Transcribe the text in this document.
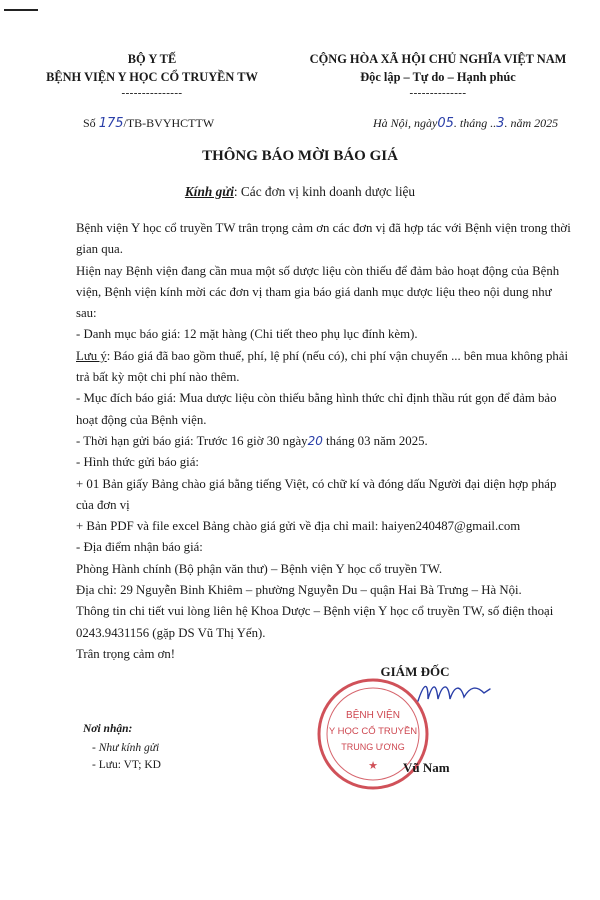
BỘ Y TẾ
BỆNH VIỆN Y HỌC CỔ TRUYỀN TW
---------------
CỘNG HÒA XÃ HỘI CHỦ NGHĨA VIỆT NAM
Độc lập – Tự do – Hạnh phúc
--------------
Số 175/TB-BVYHCTTW	Hà Nội, ngày05. tháng ..3. năm 2025
THÔNG BÁO MỜI BÁO GIÁ
Kính gửi: Các đơn vị kinh doanh dược liệu

Bệnh viện Y học cổ truyền TW trân trọng cảm ơn các đơn vị đã hợp tác với Bệnh viện trong thời gian qua.

Hiện nay Bệnh viện đang cần mua một số dược liệu còn thiếu để đảm bảo hoạt động của Bệnh viện, Bệnh viện kính mời các đơn vị tham gia báo giá danh mục dược liệu theo nội dung như sau:

- Danh mục báo giá: 12 mặt hàng (Chi tiết theo phụ lục đính kèm).

Lưu ý: Báo giá đã bao gồm thuế, phí, lệ phí (nếu có), chi phí vận chuyển ... bên mua không phải trả bất kỳ một chi phí nào thêm.

- Mục đích báo giá: Mua dược liệu còn thiếu bằng hình thức chỉ định thầu rút gọn để đảm bảo hoạt động của Bệnh viện.

- Thời hạn gửi báo giá: Trước 16 giờ 30 ngày20 tháng 03 năm 2025.

- Hình thức gửi báo giá:

+ 01 Bản giấy Bảng chào giá bằng tiếng Việt, có chữ kí và đóng dấu Người đại diện hợp pháp của đơn vị

+ Bản PDF và file excel Bảng chào giá gửi về địa chỉ mail: haiyen240487@gmail.com

- Địa điểm nhận báo giá:

Phòng Hành chính (Bộ phận văn thư) – Bệnh viện Y học cổ truyền TW.

Địa chỉ: 29 Nguyễn Bỉnh Khiêm – phường Nguyễn Du – quận Hai Bà Trưng – Hà Nội.

Thông tin chi tiết vui lòng liên hệ Khoa Dược – Bệnh viện Y học cổ truyền TW, số điện thoại 0243.9431156 (gặp DS Vũ Thị Yến).

Trân trọng cảm ơn!

Nơi nhận:
- Như kính gửi
- Lưu: VT; KD
BỆNH VIỆN
Y HỌC CỔ TRUYỀN
TRUNG ƯƠNG
★
GIÁM ĐỐC
Vũ Nam
